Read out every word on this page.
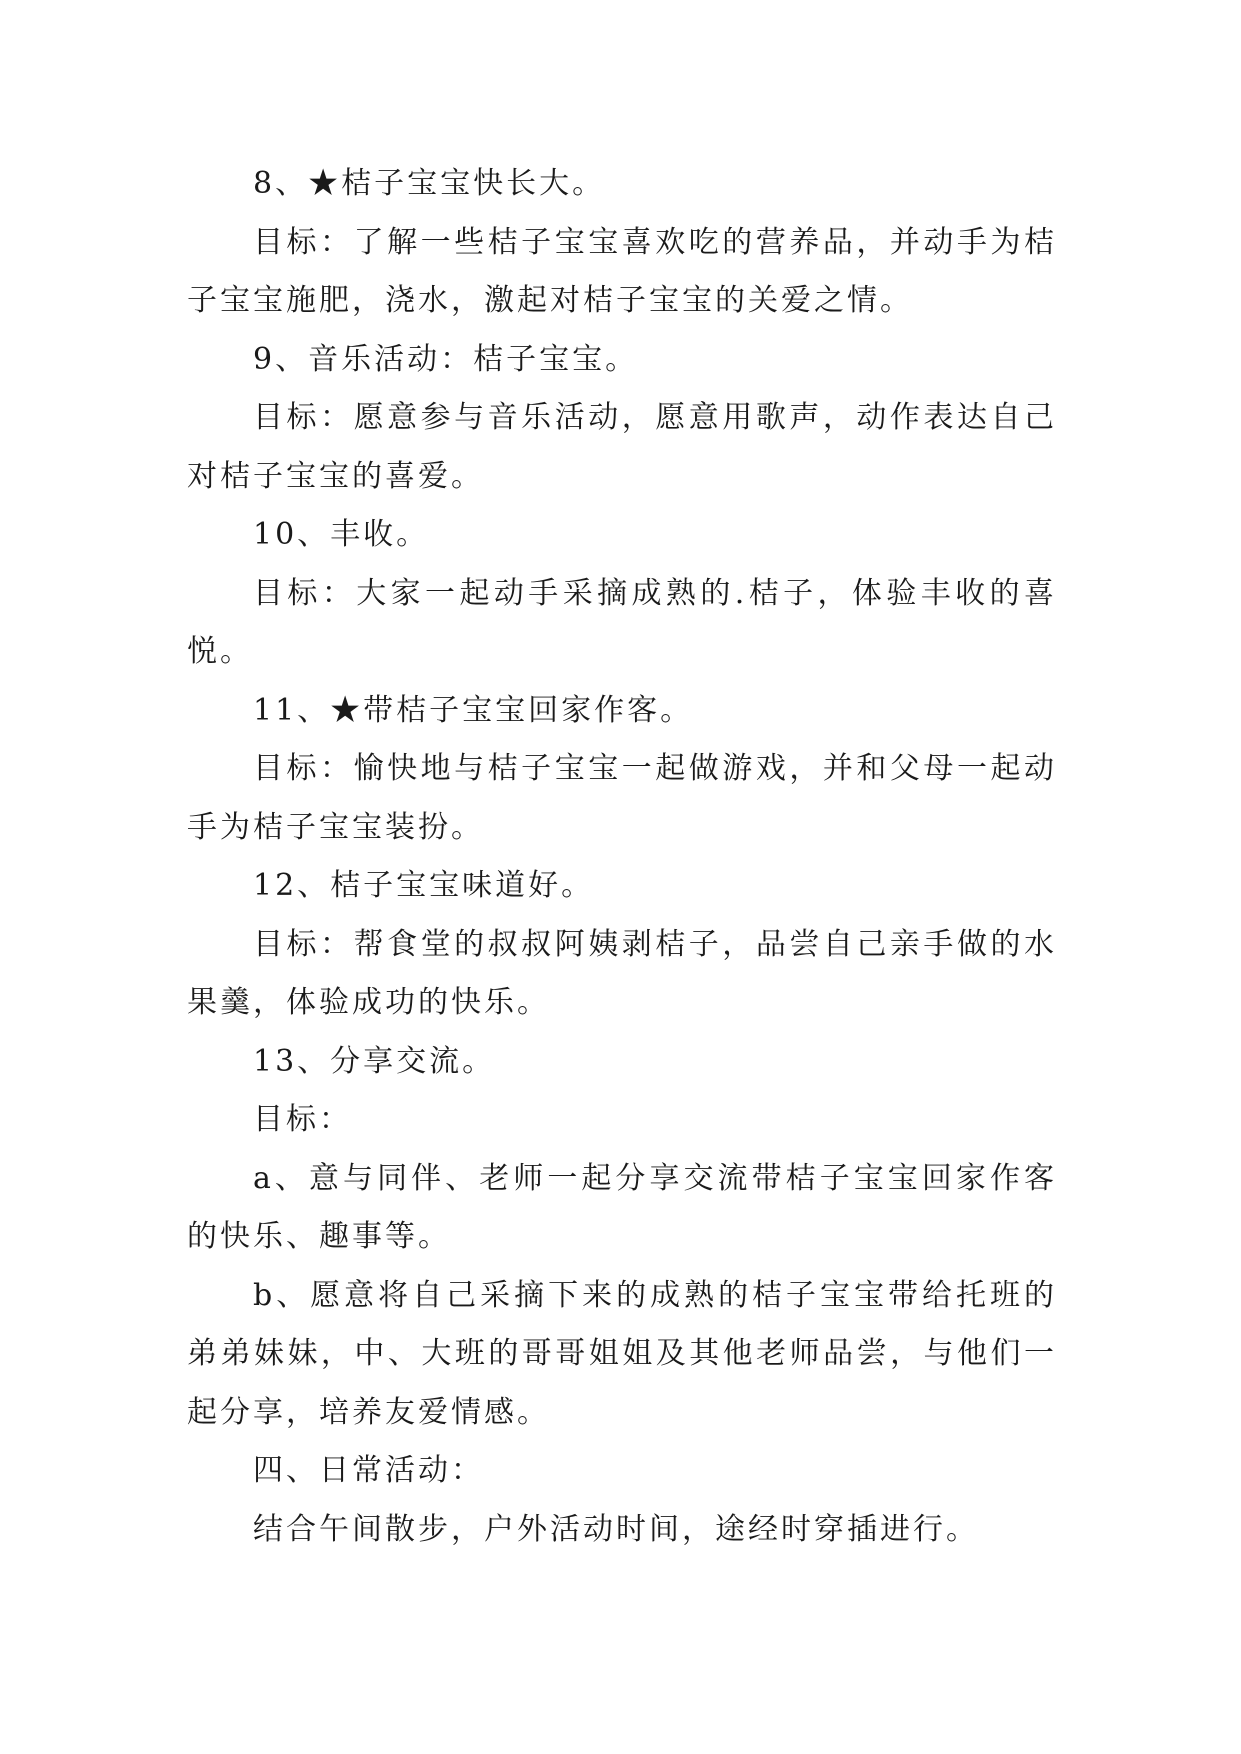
8、★桔子宝宝快长大。

目标：了解一些桔子宝宝喜欢吃的营养品，并动手为桔子宝宝施肥，浇水，激起对桔子宝宝的关爱之情。

9、音乐活动：桔子宝宝。

目标：愿意参与音乐活动，愿意用歌声，动作表达自己对桔子宝宝的喜爱。

10、丰收。

目标：大家一起动手采摘成熟的.桔子，体验丰收的喜悦。

11、★带桔子宝宝回家作客。

目标：愉快地与桔子宝宝一起做游戏，并和父母一起动手为桔子宝宝装扮。

12、桔子宝宝味道好。

目标：帮食堂的叔叔阿姨剥桔子，品尝自己亲手做的水果羹，体验成功的快乐。

13、分享交流。

目标：

a、意与同伴、老师一起分享交流带桔子宝宝回家作客的快乐、趣事等。

b、愿意将自己采摘下来的成熟的桔子宝宝带给托班的弟弟妹妹，中、大班的哥哥姐姐及其他老师品尝，与他们一起分享，培养友爱情感。

四、日常活动：

结合午间散步，户外活动时间，途经时穿插进行。
